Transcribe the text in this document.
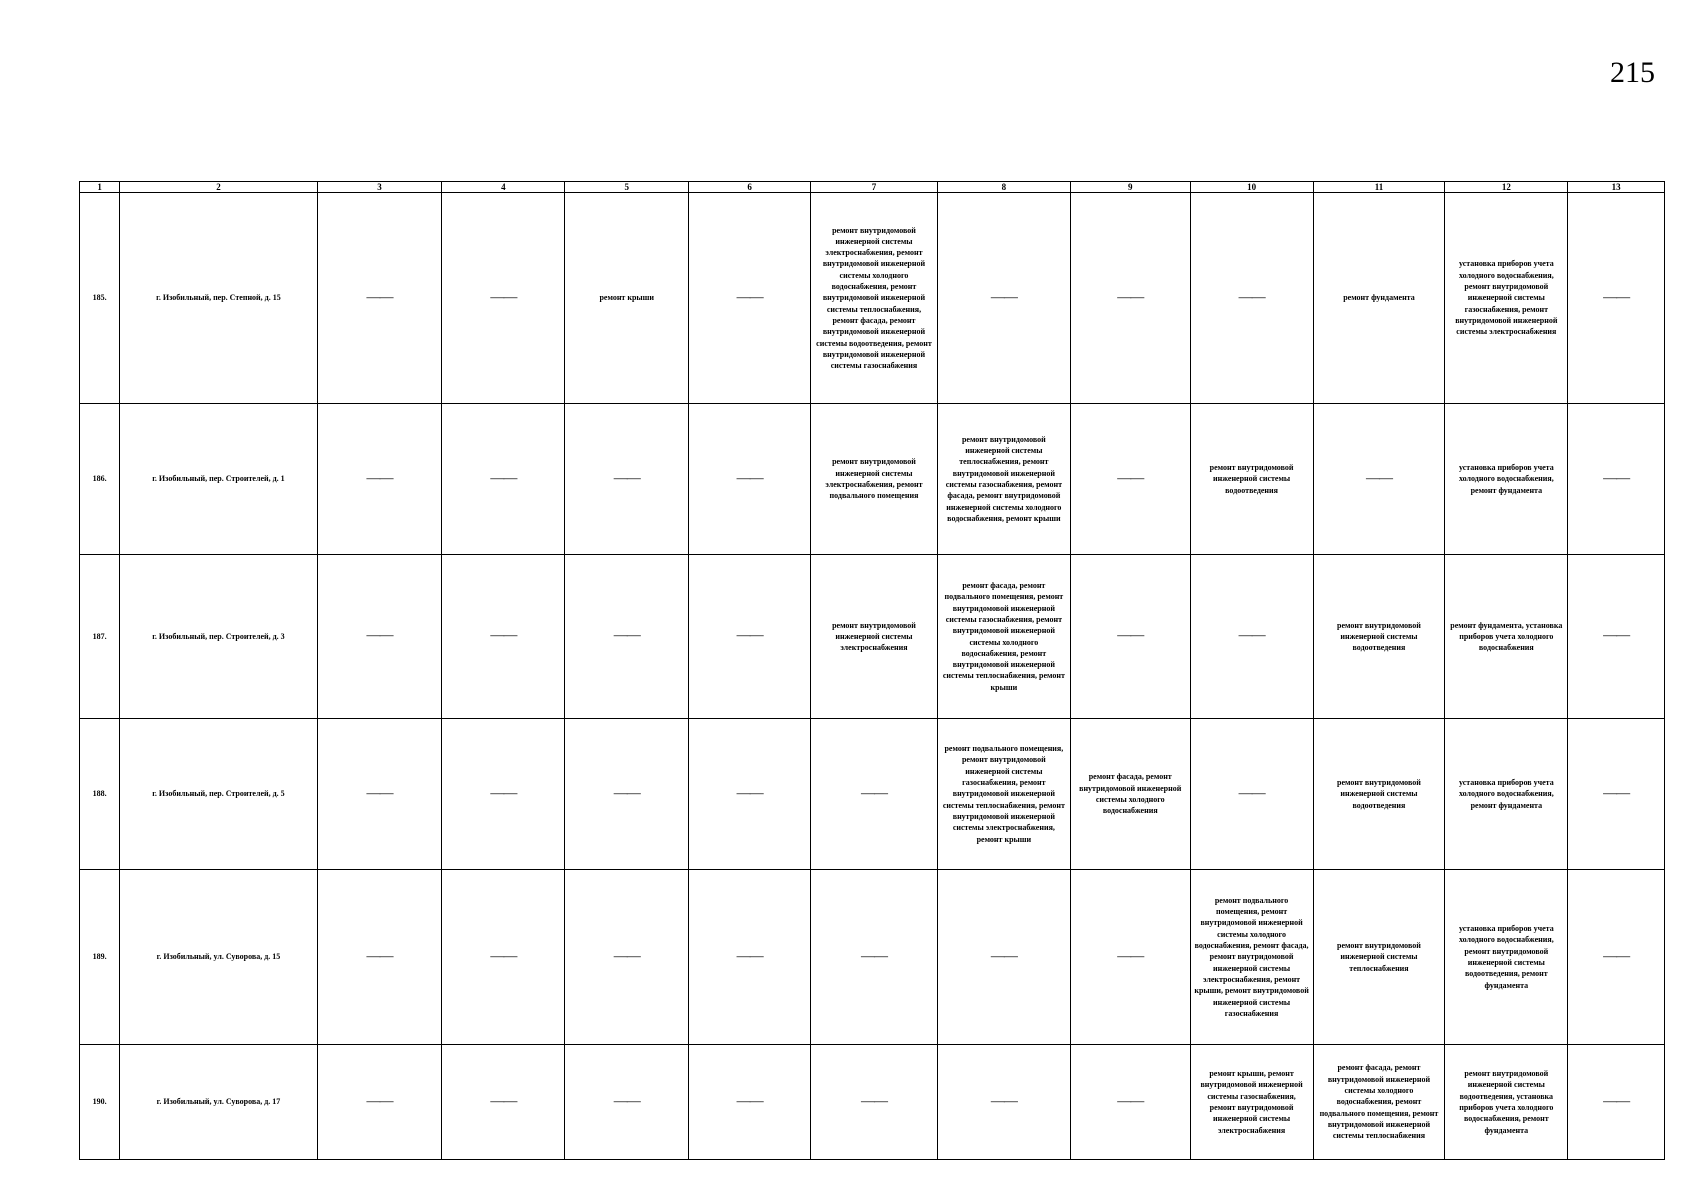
215
1	2	3	4	5	6	7	8	9	10	11	12	13
185.	г. Изобильный, пер. Степной, д. 15	——	——	ремонт крыши	——	ремонт внутридомовой инженерной системы электроснабжения, ремонт внутридомовой инженерной системы холодного водоснабжения, ремонт внутридомовой инженерной системы теплоснабжения, ремонт фасада, ремонт внутридомовой инженерной системы водоотведения, ремонт внутридомовой инженерной системы газоснабжения	——	——	——	ремонт фундамента	установка приборов учета холодного водоснабжения, ремонт внутридомовой инженерной системы газоснабжения, ремонт внутридомовой инженерной системы электроснабжения	——
186.	г. Изобильный, пер. Строителей, д. 1	——	——	——	——	ремонт внутридомовой инженерной системы электроснабжения, ремонт подвального помещения	ремонт внутридомовой инженерной системы теплоснабжения, ремонт внутридомовой инженерной системы газоснабжения, ремонт фасада, ремонт внутридомовой инженерной системы холодного водоснабжения, ремонт крыши	——	ремонт внутридомовой инженерной системы водоотведения	——	установка приборов учета холодного водоснабжения, ремонт фундамента	——
187.	г. Изобильный, пер. Строителей, д. 3	——	——	——	——	ремонт внутридомовой инженерной системы электроснабжения	ремонт фасада, ремонт подвального помещения, ремонт внутридомовой инженерной системы газоснабжения, ремонт внутридомовой инженерной системы холодного водоснабжения, ремонт внутридомовой инженерной системы теплоснабжения, ремонт крыши	——	——	ремонт внутридомовой инженерной системы водоотведения	ремонт фундамента, установка приборов учета холодного водоснабжения	——
188.	г. Изобильный, пер. Строителей, д. 5	——	——	——	——	——	ремонт подвального помещения, ремонт внутридомовой инженерной системы газоснабжения, ремонт внутридомовой инженерной системы теплоснабжения, ремонт внутридомовой инженерной системы электроснабжения, ремонт крыши	ремонт фасада, ремонт внутридомовой инженерной системы холодного водоснабжения	——	ремонт внутридомовой инженерной системы водоотведения	установка приборов учета холодного водоснабжения, ремонт фундамента	——
189.	г. Изобильный, ул. Суворова, д. 15	——	——	——	——	——	——	——	ремонт подвального помещения, ремонт внутридомовой инженерной системы холодного водоснабжения, ремонт фасада, ремонт внутридомовой инженерной системы электроснабжения, ремонт крыши, ремонт внутридомовой инженерной системы газоснабжения	ремонт внутридомовой инженерной системы теплоснабжения	установка приборов учета холодного водоснабжения, ремонт внутридомовой инженерной системы водоотведения, ремонт фундамента	——
190.	г. Изобильный, ул. Суворова, д. 17	——	——	——	——	——	——	——	ремонт крыши, ремонт внутридомовой инженерной системы газоснабжения, ремонт внутридомовой инженерной системы электроснабжения	ремонт фасада, ремонт внутридомовой инженерной системы холодного водоснабжения, ремонт подвального помещения, ремонт внутридомовой инженерной системы теплоснабжения	ремонт внутридомовой инженерной системы водоотведения, установка приборов учета холодного водоснабжения, ремонт фундамента	——
